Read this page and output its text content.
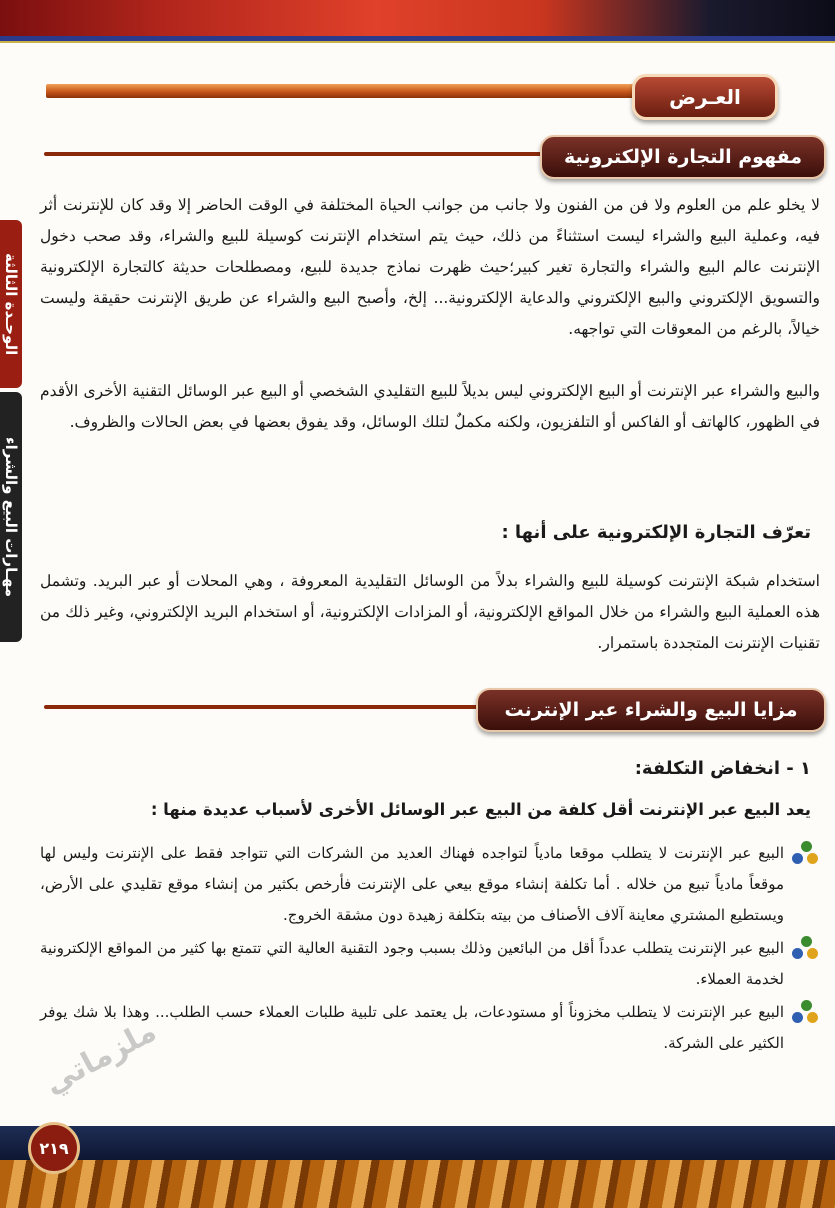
العـرض
مفهوم التجارة الإلكترونية
الوحـدة الثالثة
مهـارات البيع والشراء
لا يخلو علم من العلوم ولا فن من الفنون ولا جانب من جوانب الحياة المختلفة في الوقت الحاضر إلا وقد كان للإنترنت أثر فيه، وعملية البيع والشراء ليست استثناءً من ذلك، حيث يتم استخدام الإنترنت كوسيلة للبيع والشراء، وقد صحب دخول الإنترنت عالم البيع والشراء والتجارة تغير كبير؛حيث ظهرت نماذج جديدة للبيع، ومصطلحات حديثة كالتجارة الإلكترونية والتسويق الإلكتروني والبيع الإلكتروني والدعاية الإلكترونية... إلخ، وأصبح البيع والشراء عن طريق الإنترنت حقيقة وليست خيالاً، بالرغم من المعوقات التي تواجهه.
والبيع والشراء عبر الإنترنت أو البيع الإلكتروني ليس بديلاً للبيع التقليدي الشخصي أو البيع عبر الوسائل التقنية الأخرى الأقدم في الظهور، كالهاتف أو الفاكس أو التلفزيون، ولكنه مكملٌ لتلك الوسائل، وقد يفوق بعضها في بعض الحالات والظروف.
تعرّف التجارة الإلكترونية على أنها :
استخدام شبكة الإنترنت كوسيلة للبيع والشراء بدلاً من الوسائل التقليدية المعروفة ، وهي المحلات أو عبر البريد. وتشمل هذه العملية البيع والشراء من خلال المواقع الإلكترونية، أو المزادات الإلكترونية، أو استخدام البريد الإلكتروني، وغير ذلك من تقنيات الإنترنت المتجددة باستمرار.
مزايا البيع والشراء عبر الإنترنت
١ - انخفاض التكلفة:
يعد البيع عبر الإنترنت أقل كلفة من البيع عبر الوسائل الأخرى لأسباب عديدة منها :
البيع عبر الإنترنت لا يتطلب موقعا مادياً لتواجده فهناك العديد من الشركات التي تتواجد فقط على الإنترنت وليس لها موقعاً مادياً تبيع من خلاله . أما تكلفة إنشاء موقع بيعي على الإنترنت فأرخص بكثير من إنشاء موقع تقليدي على الأرض، ويستطيع المشتري معاينة آلاف الأصناف من بيته بتكلفة زهيدة دون مشقة الخروج.
البيع عبر الإنترنت يتطلب عدداً أقل من البائعين وذلك بسبب وجود التقنية العالية التي تتمتع بها كثير من المواقع الإلكترونية لخدمة العملاء.
البيع عبر الإنترنت لا يتطلب مخزوناً أو مستودعات، بل يعتمد على تلبية طلبات العملاء حسب الطلب... وهذا بلا شك يوفر الكثير على الشركة.
ملزماتي
٢١٩
